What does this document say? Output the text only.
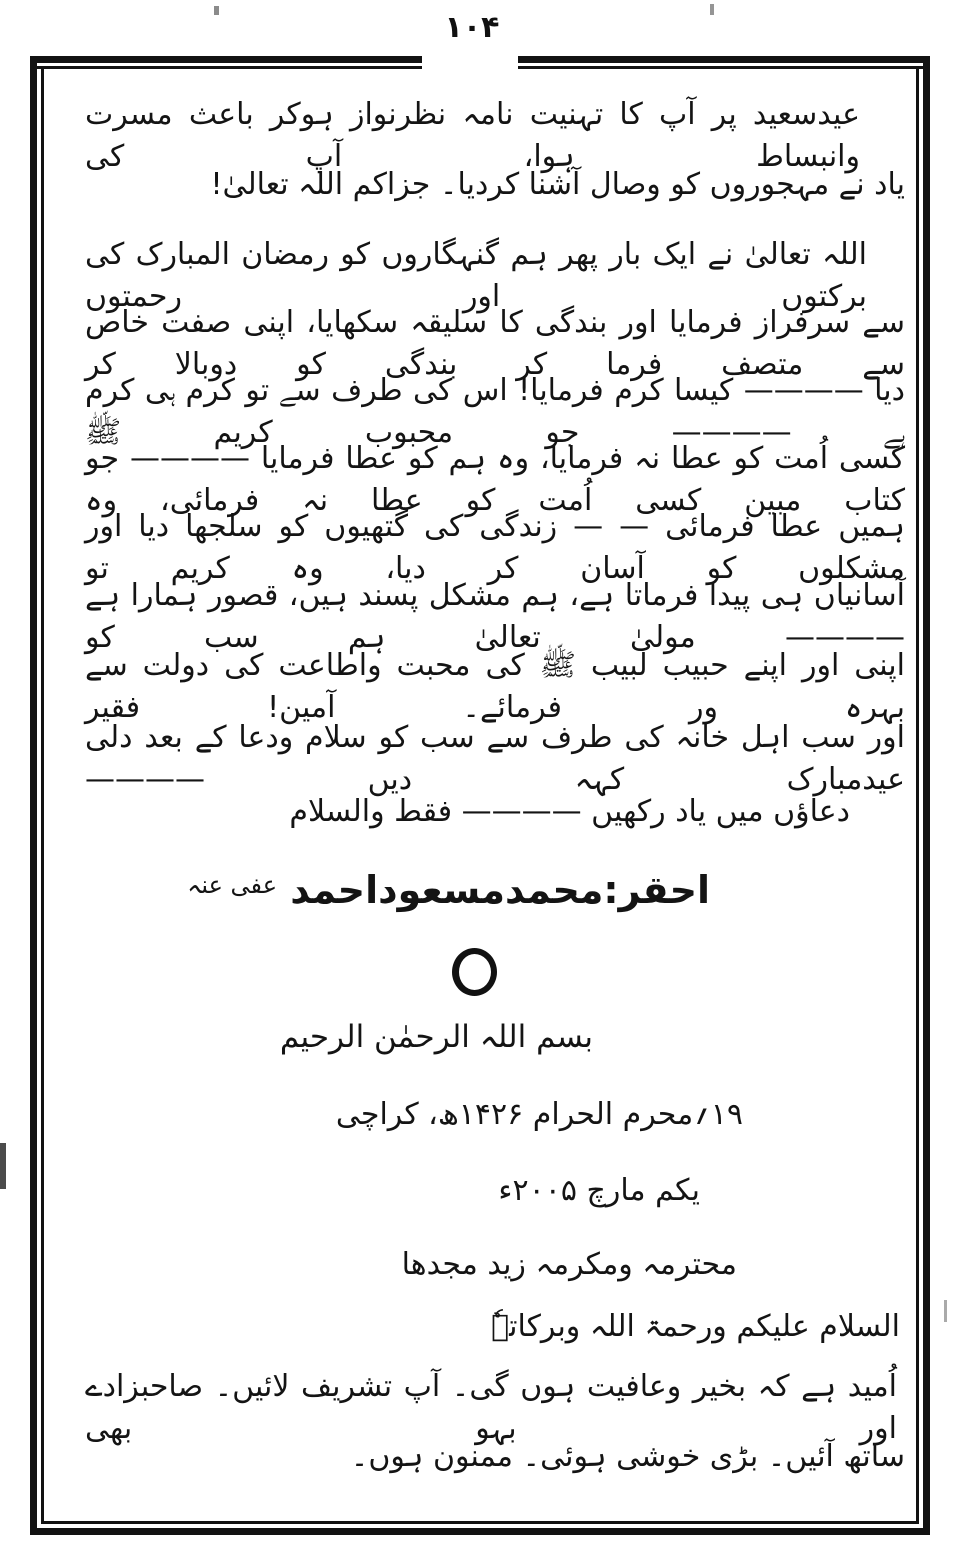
۱۰۴
عیدسعید پر آپ کا تہنیت نامہ نظرنواز ہوکر باعث مسرت وانبساط ہوا، آپ کی
یاد نے مہجوروں کو وصال آشنا کردیا۔ جزاکم اللہ تعالیٰ!
اللہ تعالیٰ نے ایک بار پھر ہم گنہگاروں کو رمضان المبارک کی برکتوں اور رحمتوں
سے سرفراز فرمایا اور بندگی کا سلیقہ سکھایا، اپنی صفت خاص سے متصف فرما کر بندگی کو دوبالا کر
دیا ———— کیسا کرم فرمایا! اس کی طرف سے تو کرم ہی کرم ہے ———— جو محبوب کریم ﷺ
کسی اُمت کو عطا نہ فرمایا، وہ ہم کو عطا فرمایا ———— جو کتاب مبین کسی اُمت کو عطا نہ فرمائی، وہ
ہمیں عطا فرمائی — — زندگی کی گتھیوں کو سلجھا دیا اور مشکلوں کو آسان کر دیا، وہ کریم تو
آسانیاں ہی پیدا فرماتا ہے، ہم مشکل پسند ہیں، قصور ہمارا ہے ———— مولیٰ تعالیٰ ہم سب کو
اپنی اور اپنے حبیب لبیب ﷺ کی محبت واطاعت کی دولت سے بہرہ ور فرمائے۔ آمین! فقیر
اور سب اہل خانہ کی طرف سے سب کو سلام ودعا کے بعد دلی عیدمبارک کہہ دیں ————
دعاؤں میں یاد رکھیں ———— فقط والسلام
احقر:محمدمسعوداحمد $^{عفی عنہ}$
بسم اللہ الرحمٰن الرحیم
۱۹؍محرم الحرام ۱۴۲۶ھ، کراچی
یکم مارچ ۲۰۰۵ء
محترمہ ومکرمہ زید مجدھا
السلام علیکم ورحمۃ اللہ وبرکاتہٗ
اُمید ہے کہ بخیر وعافیت ہوں گی۔ آپ تشریف لائیں۔ صاحبزادے اور بہو بھی
ساتھ آئیں۔ بڑی خوشی ہوئی۔ ممنون ہوں۔
